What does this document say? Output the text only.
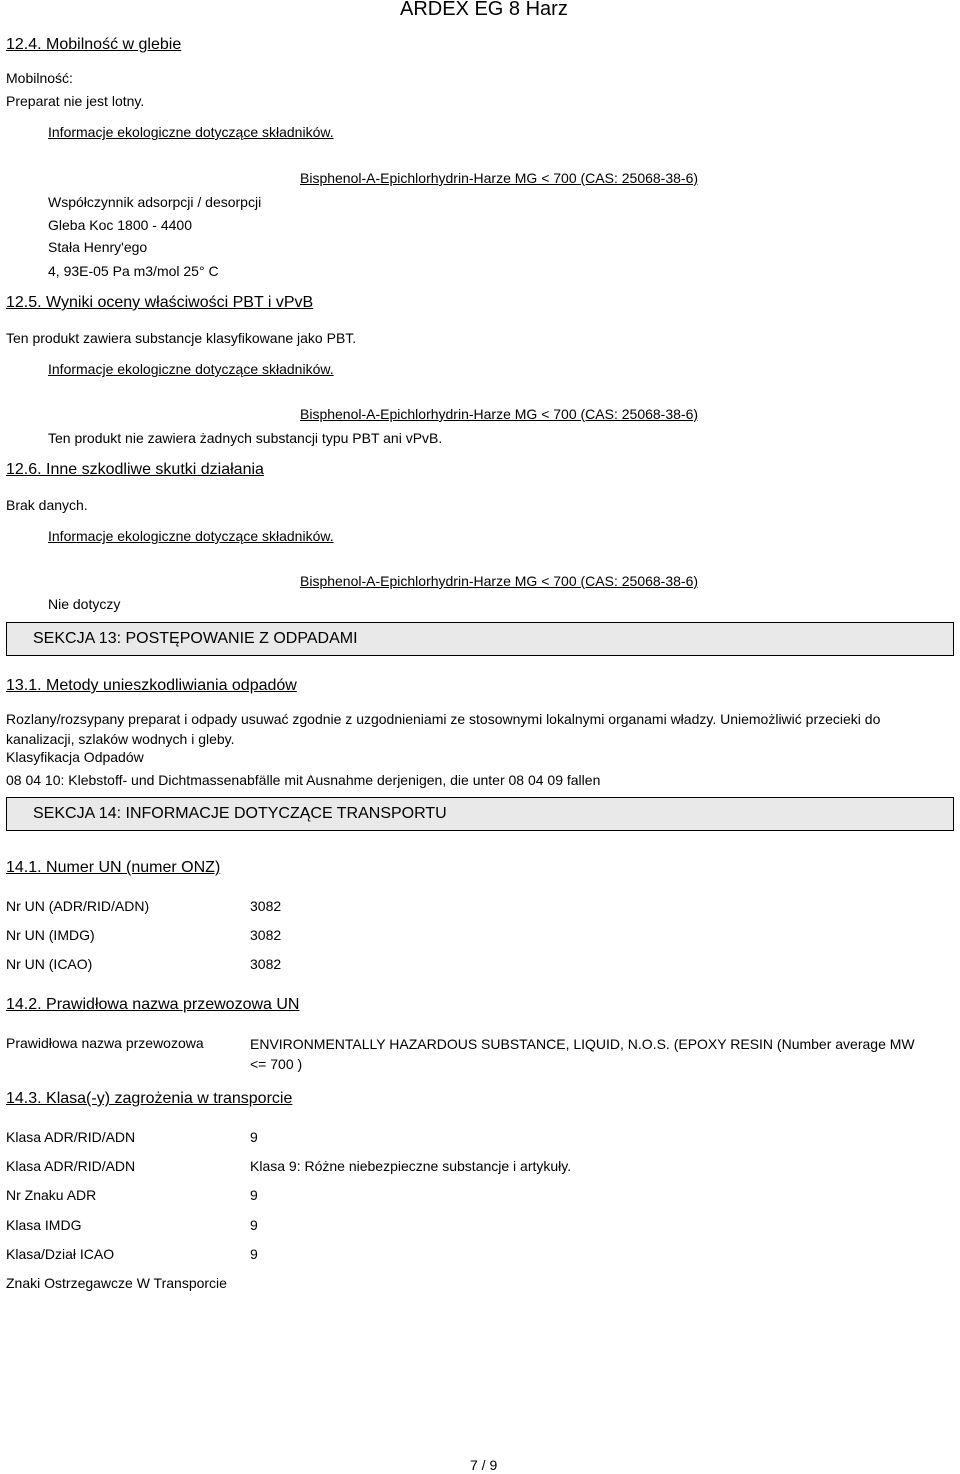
ARDEX EG 8 Harz
12.4. Mobilność w glebie
Mobilność:
Preparat nie jest lotny.
Informacje ekologiczne dotyczące składników.
Bisphenol-A-Epichlorhydrin-Harze MG < 700 (CAS: 25068-38-6)
Współczynnik adsorpcji / desorpcji
Gleba Koc 1800 - 4400
Stała Henry'ego
4, 93E-05 Pa m3/mol 25° C
12.5. Wyniki oceny właściwości PBT i vPvB
Ten produkt zawiera substancje klasyfikowane jako PBT.
Informacje ekologiczne dotyczące składników.
Bisphenol-A-Epichlorhydrin-Harze MG < 700 (CAS: 25068-38-6)
Ten produkt nie zawiera żadnych substancji typu PBT ani vPvB.
12.6. Inne szkodliwe skutki działania
Brak danych.
Informacje ekologiczne dotyczące składników.
Bisphenol-A-Epichlorhydrin-Harze MG < 700 (CAS: 25068-38-6)
Nie dotyczy
SEKCJA 13: POSTĘPOWANIE Z ODPADAMI
13.1. Metody unieszkodliwiania odpadów
Rozlany/rozsypany preparat i odpady usuwać zgodnie z uzgodnieniami ze stosownymi lokalnymi organami władzy. Uniemożliwić przecieki do kanalizacji, szlaków wodnych i gleby.
Klasyfikacja Odpadów
08 04 10: Klebstoff- und Dichtmassenabfälle mit Ausnahme derjenigen, die unter 08 04 09 fallen
SEKCJA 14: INFORMACJE DOTYCZĄCE TRANSPORTU
14.1. Numer UN (numer ONZ)
Nr UN (ADR/RID/ADN)	3082
Nr UN (IMDG)	3082
Nr UN (ICAO)	3082
14.2. Prawidłowa nazwa przewozowa UN
Prawidłowa nazwa przewozowa	ENVIRONMENTALLY HAZARDOUS SUBSTANCE, LIQUID, N.O.S. (EPOXY RESIN (Number average MW <= 700 )
14.3. Klasa(-y) zagrożenia w transporcie
Klasa ADR/RID/ADN	9
Klasa ADR/RID/ADN	Klasa 9: Różne niebezpieczne substancje i artykuły.
Nr Znaku ADR	9
Klasa IMDG	9
Klasa/Dział ICAO	9
Znaki Ostrzegawcze W Transporcie
7 / 9
